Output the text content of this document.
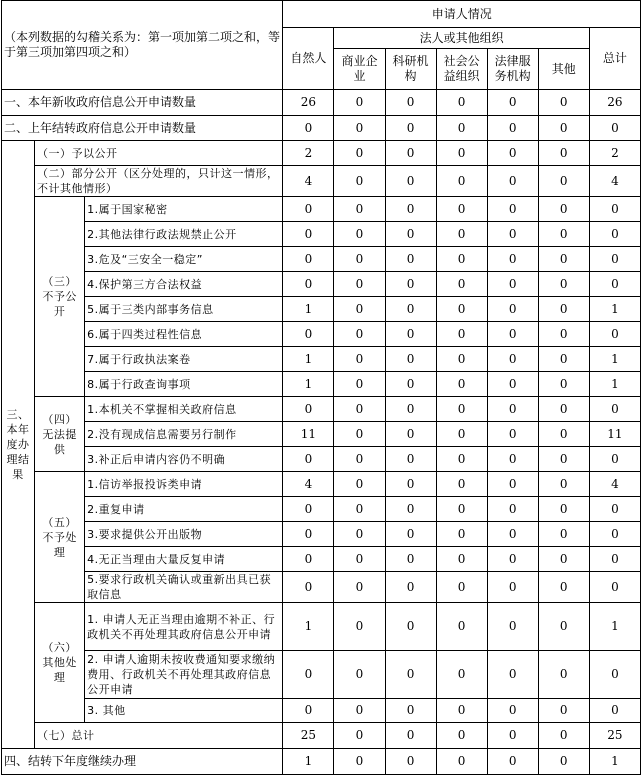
（本列数据的勾稽关系为：第一项加第二项之和，等于第三项加第四项之和）			申请人情况						
			自然人	法人或其他组织					总计
				商业企业	科研机构	社会公益组织	法律服务机构	其他	
一、本年新收政府信息公开申请数量			26	0	0	0	0	0	26
二、上年结转政府信息公开申请数量			0	0	0	0	0	0	0
三、本年度办理结果	（一）予以公开		2	0	0	0	0	0	2
	（二）部分公开（区分处理的，只计这一情形，不计其他情形）		4	0	0	0	0	0	4
	（三）不予公开	1.属于国家秘密	0	0	0	0	0	0	0
		2.其他法律行政法规禁止公开	0	0	0	0	0	0	0
		3.危及“三安全一稳定”	0	0	0	0	0	0	0
		4.保护第三方合法权益	0	0	0	0	0	0	0
		5.属于三类内部事务信息	1	0	0	0	0	0	1
		6.属于四类过程性信息	0	0	0	0	0	0	0
		7.属于行政执法案卷	1	0	0	0	0	0	1
		8.属于行政查询事项	1	0	0	0	0	0	1
	（四）无法提供	1.本机关不掌握相关政府信息	0	0	0	0	0	0	0
		2.没有现成信息需要另行制作	11	0	0	0	0	0	11
		3.补正后申请内容仍不明确	0	0	0	0	0	0	0
	（五）不予处理	1.信访举报投诉类申请	4	0	0	0	0	0	4
		2.重复申请	0	0	0	0	0	0	0
		3.要求提供公开出版物	0	0	0	0	0	0	0
		4.无正当理由大量反复申请	0	0	0	0	0	0	0
		5.要求行政机关确认或重新出具已获取信息	0	0	0	0	0	0	0
	（六）其他处理	1. 申请人无正当理由逾期不补正、行政机关不再处理其政府信息公开申请	1	0	0	0	0	0	1
		2. 申请人逾期未按收费通知要求缴纳费用、行政机关不再处理其政府信息公开申请	0	0	0	0	0	0	0
		3. 其他	0	0	0	0	0	0	0
	（七）总计		25	0	0	0	0	0	25
四、结转下年度继续办理			1	0	0	0	0	0	1
